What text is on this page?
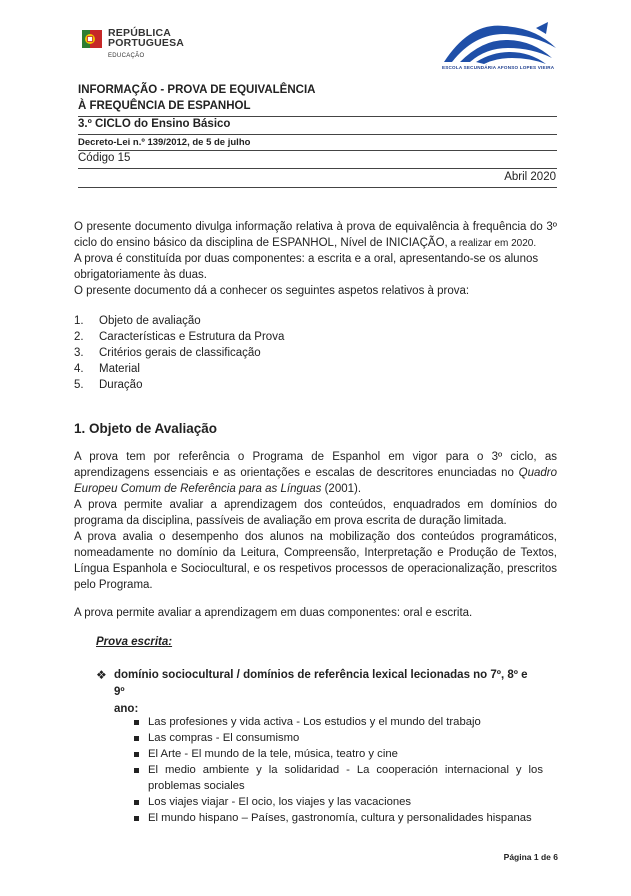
REPÚBLICA
PORTUGUESA
EDUCAÇÃO
ESCOLA SECUNDÁRIA AFONSO LOPES VIEIRA
INFORMAÇÃO - PROVA DE EQUIVALÊNCIA
À FREQUÊNCIA DE ESPANHOL
3.º CICLO do Ensino Básico
Decreto-Lei n.º 139/2012, de 5 de julho
Código 15
Abril 2020
O presente documento divulga informação relativa à prova de equivalência à frequência do 3º ciclo do ensino básico da disciplina de ESPANHOL, Nível de INICIAÇÃO, a realizar em 2020.
A prova é constituída por duas componentes: a escrita e a oral, apresentando-se os alunos obrigatoriamente às duas.
O presente documento dá a conhecer os seguintes aspetos relativos à prova:
1.	Objeto de avaliação
2.	Características e Estrutura da Prova
3.	Critérios gerais de classificação
4.	Material
5.	Duração
1. Objeto de Avaliação
A prova tem por referência o Programa de Espanhol em vigor para o 3º ciclo, as aprendizagens essenciais e as orientações e escalas de descritores enunciadas no Quadro Europeu Comum de Referência para as Línguas (2001).
A prova permite avaliar a aprendizagem dos conteúdos, enquadrados em domínios do programa da disciplina, passíveis de avaliação em prova escrita de duração limitada.
A prova avalia o desempenho dos alunos na mobilização dos conteúdos programáticos, nomeadamente no domínio da Leitura, Compreensão, Interpretação e Produção de Textos, Língua Espanhola e Sociocultural, e os respetivos processos de operacionalização, prescritos pelo Programa.
A prova permite avaliar a aprendizagem em duas componentes: oral e escrita.
Prova escrita:
❖ domínio sociocultural / domínios de referência lexical lecionadas no 7º, 8º e 9º
ano:
Las profesiones y vida activa - Los estudios y el mundo del trabajo
Las compras - El consumismo
El Arte - El mundo de la tele, música, teatro y cine
El medio ambiente y la solidaridad - La cooperación internacional y los problemas sociales
Los viajes viajar - El ocio, los viajes y las vacaciones
El mundo hispano – Países, gastronomía, cultura y personalidades hispanas
Página 1 de 6
